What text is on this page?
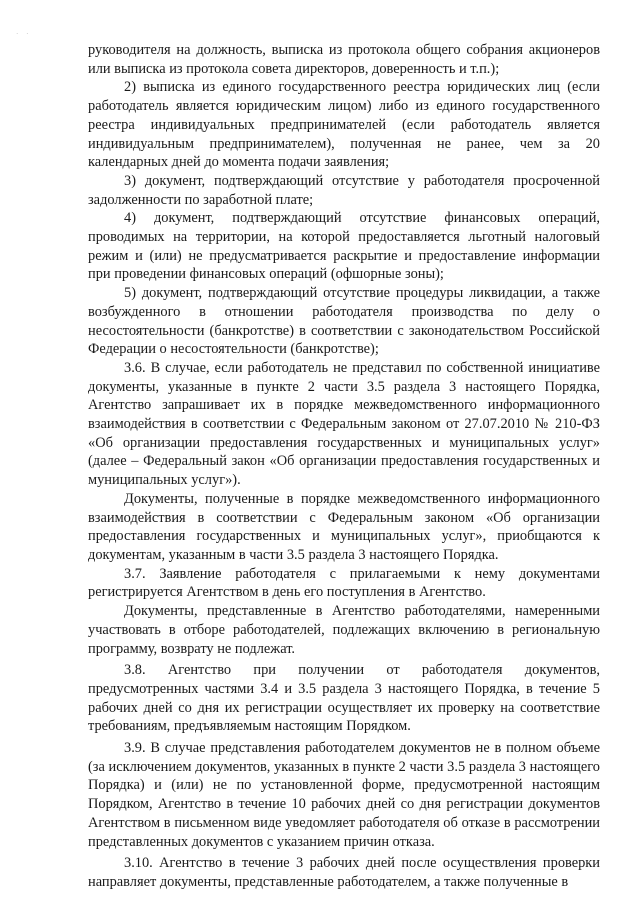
· ·

руководителя на должность, выписка из протокола общего собрания акционеров или выписка из протокола совета директоров, доверенность и т.п.);

2) выписка из единого государственного реестра юридических лиц (если работодатель является юридическим лицом) либо из единого государственного реестра индивидуальных предпринимателей (если работодатель является индивидуальным предпринимателем), полученная не ранее, чем за 20 календарных дней до момента подачи заявления;

3) документ, подтверждающий отсутствие у работодателя просроченной задолженности по заработной плате;

4) документ, подтверждающий отсутствие финансовых операций, проводимых на территории, на которой предоставляется льготный налоговый режим и (или) не предусматривается раскрытие и предоставление информации при проведении финансовых операций (офшорные зоны);

5) документ, подтверждающий отсутствие процедуры ликвидации, а также возбужденного в отношении работодателя производства по делу о несостоятельности (банкротстве) в соответствии с законодательством Российской Федерации о несостоятельности (банкротстве);

3.6. В случае, если работодатель не представил по собственной инициативе документы, указанные в пункте 2 части 3.5 раздела 3 настоящего Порядка, Агентство запрашивает их в порядке межведомственного информационного взаимодействия в соответствии с Федеральным законом от 27.07.2010 № 210-ФЗ «Об организации предоставления государственных и муниципальных услуг» (далее – Федеральный закон «Об организации предоставления государственных и муниципальных услуг»).

Документы, полученные в порядке межведомственного информационного взаимодействия в соответствии с Федеральным законом «Об организации предоставления государственных и муниципальных услуг», приобщаются к документам, указанным в части 3.5 раздела 3 настоящего Порядка.

3.7. Заявление работодателя с прилагаемыми к нему документами регистрируется Агентством в день его поступления в Агентство.

Документы, представленные в Агентство работодателями, намеренными участвовать в отборе работодателей, подлежащих включению в региональную программу, возврату не подлежат.

3.8. Агентство при получении от работодателя документов, предусмотренных частями 3.4 и 3.5 раздела 3 настоящего Порядка, в течение 5 рабочих дней со дня их регистрации осуществляет их проверку на соответствие требованиям, предъявляемым настоящим Порядком.

3.9. В случае представления работодателем документов не в полном объеме (за исключением документов, указанных в пункте 2 части 3.5 раздела 3 настоящего Порядка) и (или) не по установленной форме, предусмотренной настоящим Порядком, Агентство в течение 10 рабочих дней со дня регистрации документов Агентством в письменном виде уведомляет работодателя об отказе в рассмотрении представленных документов с указанием причин отказа.

3.10. Агентство в течение 3 рабочих дней после осуществления проверки направляет документы, представленные работодателем, а также полученные в
